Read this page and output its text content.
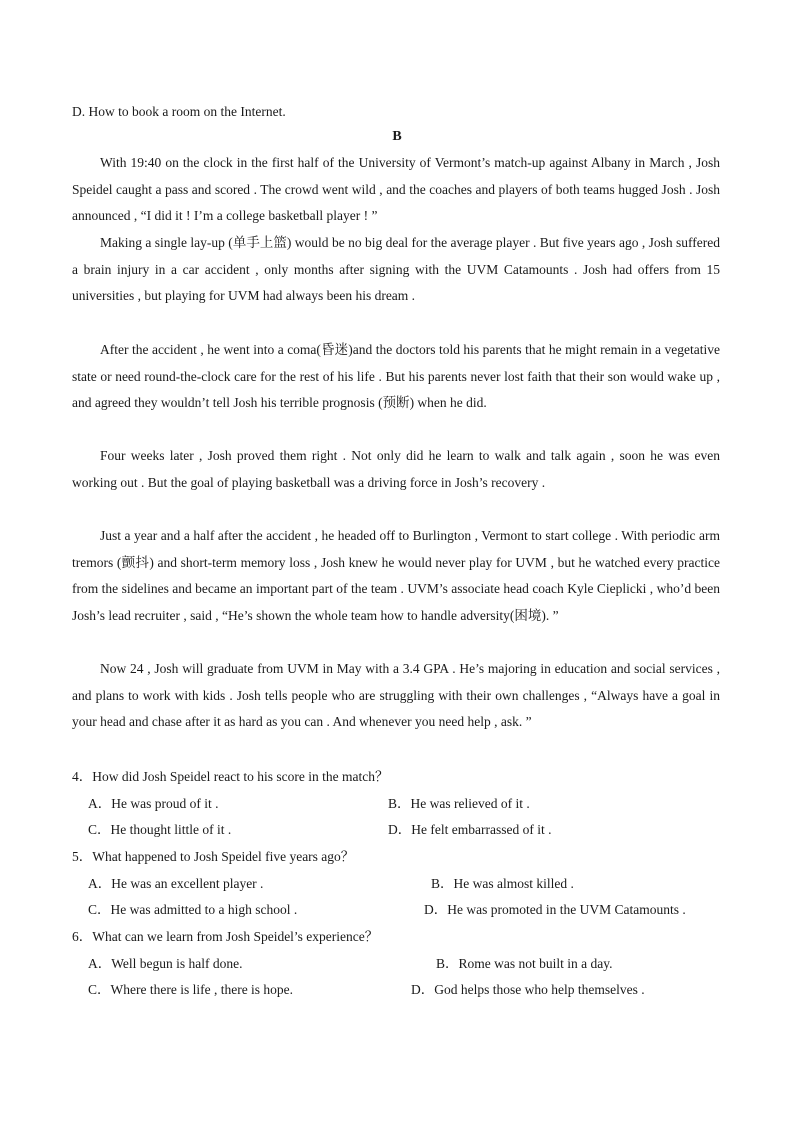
D. How to book a room on the Internet.
B

With 19:40 on the clock in the first half of the University of Vermont’s match-up against Albany in March , Josh Speidel caught a pass and scored . The crowd went wild , and the coaches and players of both teams hugged Josh . Josh announced , “I did it ! I’m a college basketball player ! ”

Making a single lay-up (单手上篮) would be no big deal for the average player . But five years ago , Josh suffered a brain injury in a car accident , only months after signing with the UVM Catamounts . Josh had offers from 15 universities , but playing for UVM had always been his dream .

After the accident , he went into a coma(昏迷)and the doctors told his parents that he might remain in a vegetative state or need round-the-clock care for the rest of his life . But his parents never lost faith that their son would wake up , and agreed they wouldn’t tell Josh his terrible prognosis (预断) when he did.

Four weeks later , Josh proved them right . Not only did he learn to walk and talk again , soon he was even working out . But the goal of playing basketball was a driving force in Josh’s recovery .

Just a year and a half after the accident , he headed off to Burlington , Vermont to start college . With periodic arm tremors (颤抖) and short-term memory loss , Josh knew he would never play for UVM , but he watched every practice from the sidelines and became an important part of the team . UVM’s associate head coach Kyle Cieplicki , who’d been Josh’s lead recruiter , said , “He’s shown the whole team how to handle adversity(困境). ”

Now 24 , Josh will graduate from UVM in May with a 3.4 GPA . He’s majoring in education and social services , and plans to work with kids . Josh tells people who are struggling with their own challenges , “Always have a goal in your head and chase after it as hard as you can . And whenever you need help , ask. ”

4．How did Josh Speidel react to his score in the match？
A．He was proud of it .	B．He was relieved of it .
C．He thought little of it .	D．He felt embarrassed of it .
5．What happened to Josh Speidel five years ago？
A．He was an excellent player .	B．He was almost killed .
C．He was admitted to a high school .	D．He was promoted in the UVM Catamounts .
6．What can we learn from Josh Speidel’s experience？
A．Well begun is half done.	B．Rome was not built in a day.
C．Where there is life , there is hope.	D．God helps those who help themselves .
